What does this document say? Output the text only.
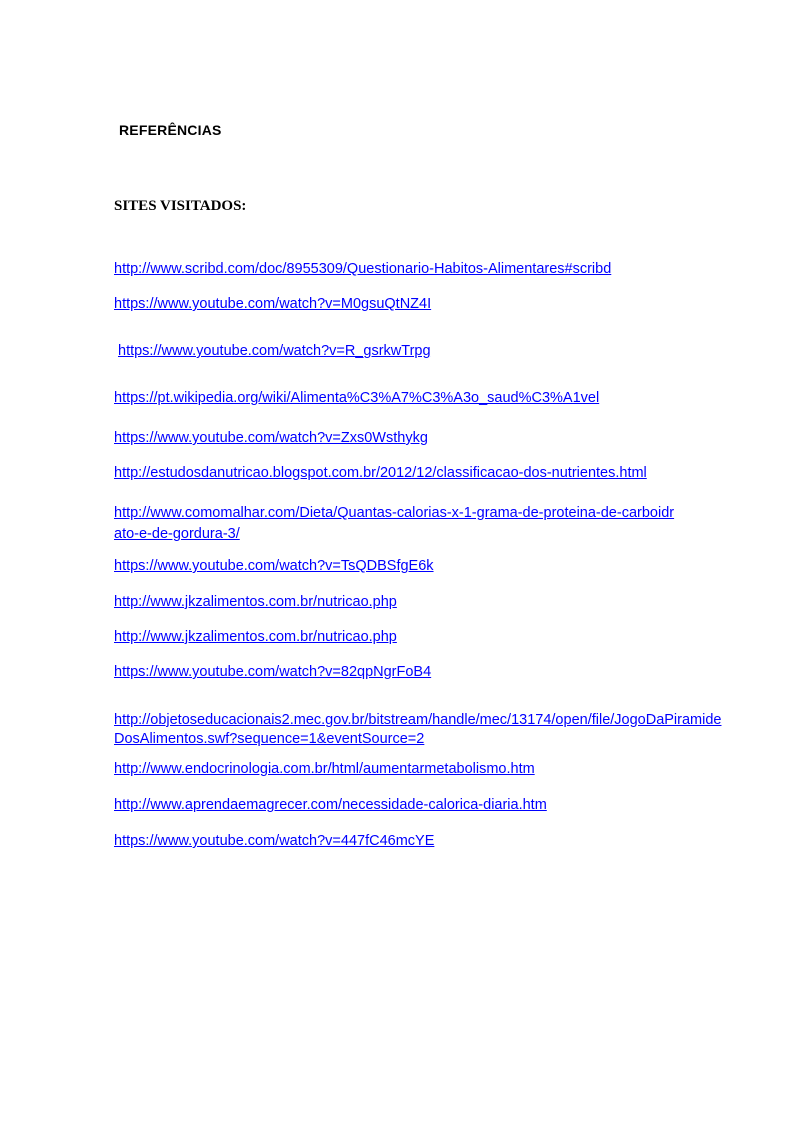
REFERÊNCIAS
SITES VISITADOS:
http://www.scribd.com/doc/8955309/Questionario-Habitos-Alimentares#scribd
https://www.youtube.com/watch?v=M0gsuQtNZ4I
https://www.youtube.com/watch?v=R_gsrkwTrpg
https://pt.wikipedia.org/wiki/Alimenta%C3%A7%C3%A3o_saud%C3%A1vel
https://www.youtube.com/watch?v=Zxs0Wsthykg
http://estudosdanutricao.blogspot.com.br/2012/12/classificacao-dos-nutrientes.html
http://www.comomalhar.com/Dieta/Quantas-calorias-x-1-grama-de-proteina-de-carboidrato-e-de-gordura-3/
https://www.youtube.com/watch?v=TsQDBSfgE6k
http://www.jkzalimentos.com.br/nutricao.php
http://www.jkzalimentos.com.br/nutricao.php
https://www.youtube.com/watch?v=82qpNgrFoB4
http://objetoseducacionais2.mec.gov.br/bitstream/handle/mec/13174/open/file/JogoDaPiramideDosAlimentos.swf?sequence=1&eventSource=2
http://www.endocrinologia.com.br/html/aumentarmetabolismo.htm
http://www.aprendaemagrecer.com/necessidade-calorica-diaria.htm
https://www.youtube.com/watch?v=447fC46mcYE
